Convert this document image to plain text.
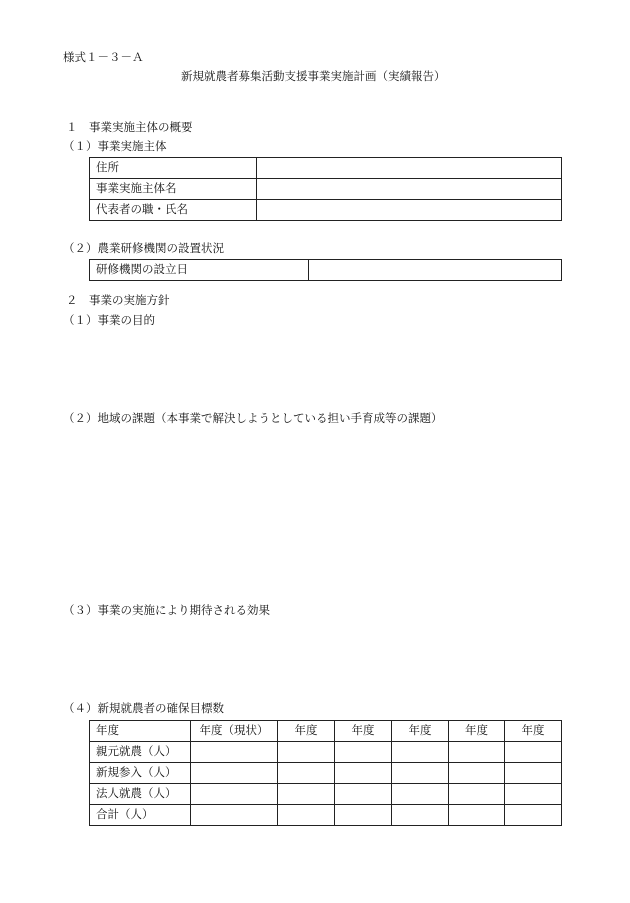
様式１－３－Ａ
新規就農者募集活動支援事業実施計画（実績報告）
１　事業実施主体の概要
（１）事業実施主体
住所	
事業実施主体名	
代表者の職・氏名	
（２）農業研修機関の設置状況
研修機関の設立日	
２　事業の実施方針
（１）事業の目的
（２）地域の課題（本事業で解決しようとしている担い手育成等の課題）
（３）事業の実施により期待される効果
（４）新規就農者の確保目標数
年度	年度（現状）	年度	年度	年度	年度	年度
親元就農（人）						
新規参入（人）						
法人就農（人）						
合計（人）						
